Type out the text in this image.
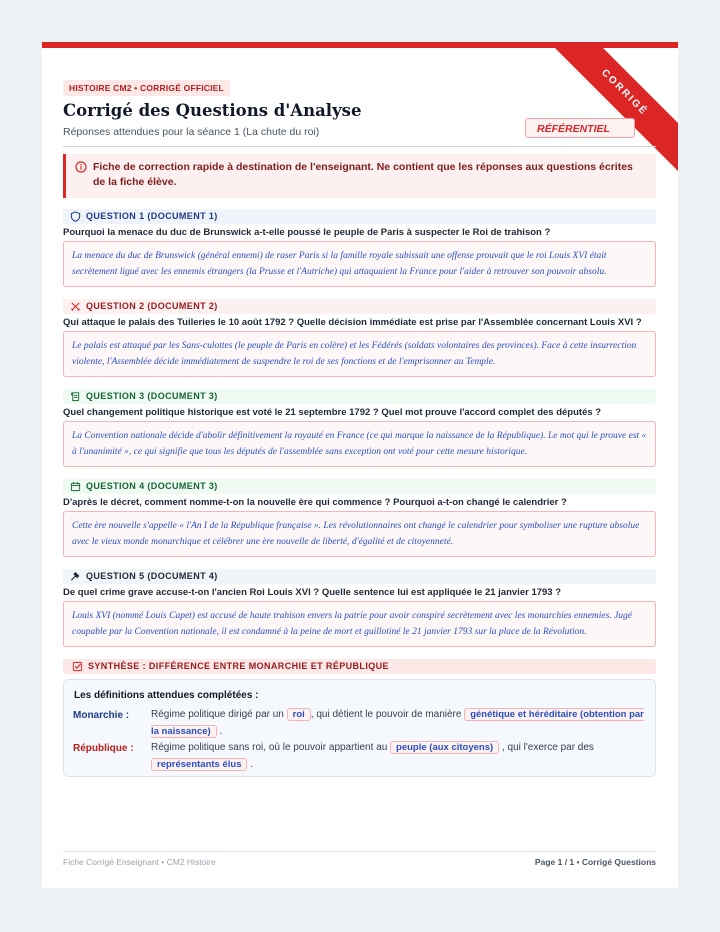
CORRIGÉ
HISTOIRE CM2 • CORRIGÉ OFFICIEL
Corrigé des Questions d'Analyse
Réponses attendues pour la séance 1 (La chute du roi)	RÉFÉRENTIEL
Fiche de correction rapide à destination de l'enseignant. Ne contient que les réponses aux questions écrites de la fiche élève.
QUESTION 1 (DOCUMENT 1)
Pourquoi la menace du duc de Brunswick a-t-elle poussé le peuple de Paris à suspecter le Roi de trahison ?
La menace du duc de Brunswick (général ennemi) de raser Paris si la famille royale subissait une offense prouvait que le roi Louis XVI était secrètement ligué avec les ennemis étrangers (la Prusse et l'Autriche) qui attaquaient la France pour l'aider à retrouver son pouvoir absolu.
QUESTION 2 (DOCUMENT 2)
Qui attaque le palais des Tuileries le 10 août 1792 ? Quelle décision immédiate est prise par l'Assemblée concernant Louis XVI ?
Le palais est attaqué par les Sans-culottes (le peuple de Paris en colère) et les Fédérés (soldats volontaires des provinces). Face à cette insurrection violente, l'Assemblée décide immédiatement de suspendre le roi de ses fonctions et de l'emprisonner au Temple.
QUESTION 3 (DOCUMENT 3)
Quel changement politique historique est voté le 21 septembre 1792 ? Quel mot prouve l'accord complet des députés ?
La Convention nationale décide d'abolir définitivement la royauté en France (ce qui marque la naissance de la République). Le mot qui le prouve est « à l'unanimité », ce qui signifie que tous les députés de l'assemblée sans exception ont voté pour cette mesure historique.
QUESTION 4 (DOCUMENT 3)
D'après le décret, comment nomme-t-on la nouvelle ère qui commence ? Pourquoi a-t-on changé le calendrier ?
Cette ère nouvelle s'appelle « l'An I de la République française ». Les révolutionnaires ont changé le calendrier pour symboliser une rupture absolue avec le vieux monde monarchique et célébrer une ère nouvelle de liberté, d'égalité et de citoyenneté.
QUESTION 5 (DOCUMENT 4)
De quel crime grave accuse-t-on l'ancien Roi Louis XVI ? Quelle sentence lui est appliquée le 21 janvier 1793 ?
Louis XVI (nommé Louis Capet) est accusé de haute trahison envers la patrie pour avoir conspiré secrètement avec les monarchies ennemies. Jugé coupable par la Convention nationale, il est condamné à la peine de mort et guillotiné le 21 janvier 1793 sur la place de la Révolution.
SYNTHÈSE : DIFFÉRENCE ENTRE MONARCHIE ET RÉPUBLIQUE
Les définitions attendues complétées :
Monarchie : Régime politique dirigé par un roi , qui détient le pouvoir de manière génétique et héréditaire (obtention par la naissance) .
République : Régime politique sans roi, où le pouvoir appartient au peuple (aux citoyens) , qui l'exerce par des représentants élus .
Fiche Corrigé Enseignant • CM2 Histoire	Page 1 / 1 • Corrigé Questions
